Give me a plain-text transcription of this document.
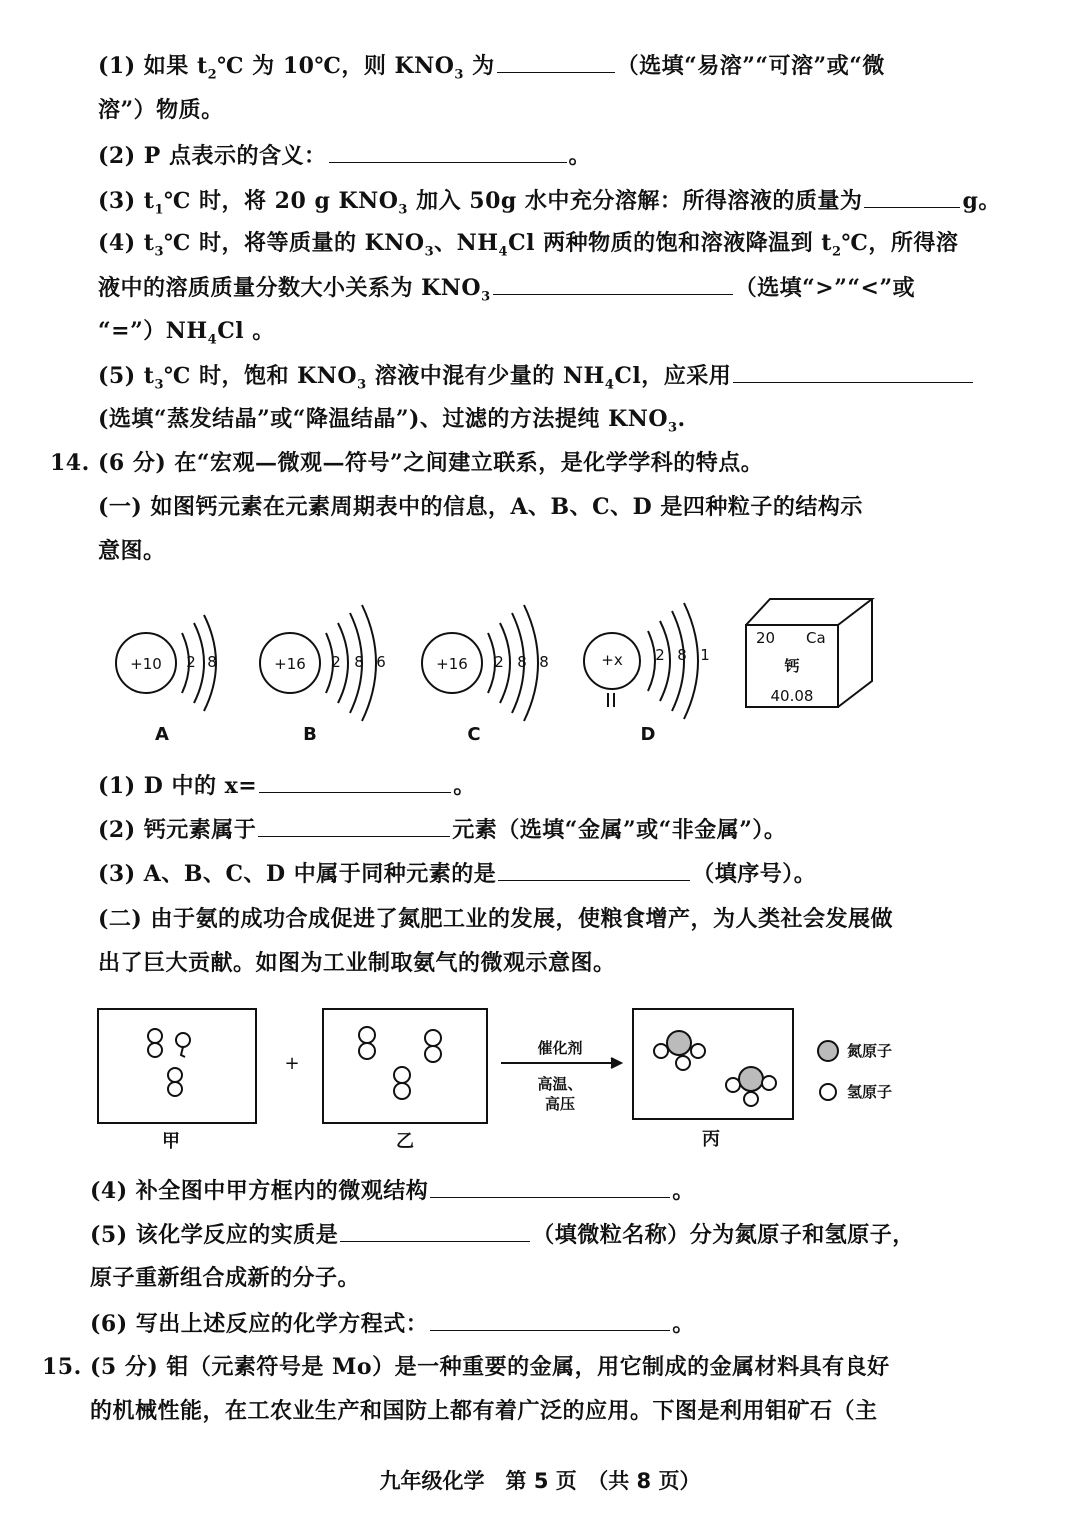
(1) 如果 $t_2℃$ 为 10℃，则 $KNO_3$ 为	（选填“易溶”“可溶”或“微
溶”）物质。
(2) P 点表示的含义：	。
(3) $t_1℃$ 时，将 20 g $KNO_3$ 加入 50g 水中充分溶解：所得溶液的质量为	g。
(4) $t_3℃$ 时，将等质量的 $KNO_3$、$NH_4Cl$ 两种物质的饱和溶液降温到 $t_2℃$，所得溶
液中的溶质质量分数大小关系为 $KNO_3$	（选填“>”“<”或
“$=”)NH_4Cl$ 。
(5) $t_3℃$ 时，饱和 $KNO_3$ 溶液中混有少量的 $NH_4Cl$，应采用
(选填“蒸发结晶”或“降温结晶”)、过滤的方法提纯 $KNO_3$.
14. (6 分) 在“宏观—微观—符号”之间建立联系，是化学学科的特点。
(一) 如图钙元素在元素周期表中的信息，A、B、C、D 是四种粒子的结构示
意图。
+10 2 8	+16 2 8 6	+16 2 8 8	+x 2 8 1
20 Ca
钙
40.08
A	B	C	D
(1) D 中的 x=	。
(2) 钙元素属于	元素（选填“金属”或“非金属”）。
(3) A、B、C、D 中属于同种元素的是	（填序号）。
(二) 由于氨的成功合成促进了氮肥工业的发展，使粮食增产，为人类社会发展做
出了巨大贡献。如图为工业制取氨气的微观示意图。
+
催化剂
高温、
高压
氮原子
氢原子
甲	乙	丙
(4) 补全图中甲方框内的微观结构	。
(5) 该化学反应的实质是	（填微粒名称）分为氮原子和氢原子，
原子重新组合成新的分子。
(6) 写出上述反应的化学方程式：	。
15. (5 分) 钼（元素符号是 Mo）是一种重要的金属，用它制成的金属材料具有良好
的机械性能，在工农业生产和国防上都有着广泛的应用。下图是利用钼矿石（主
九年级化学　第 5 页　（共 8 页）
